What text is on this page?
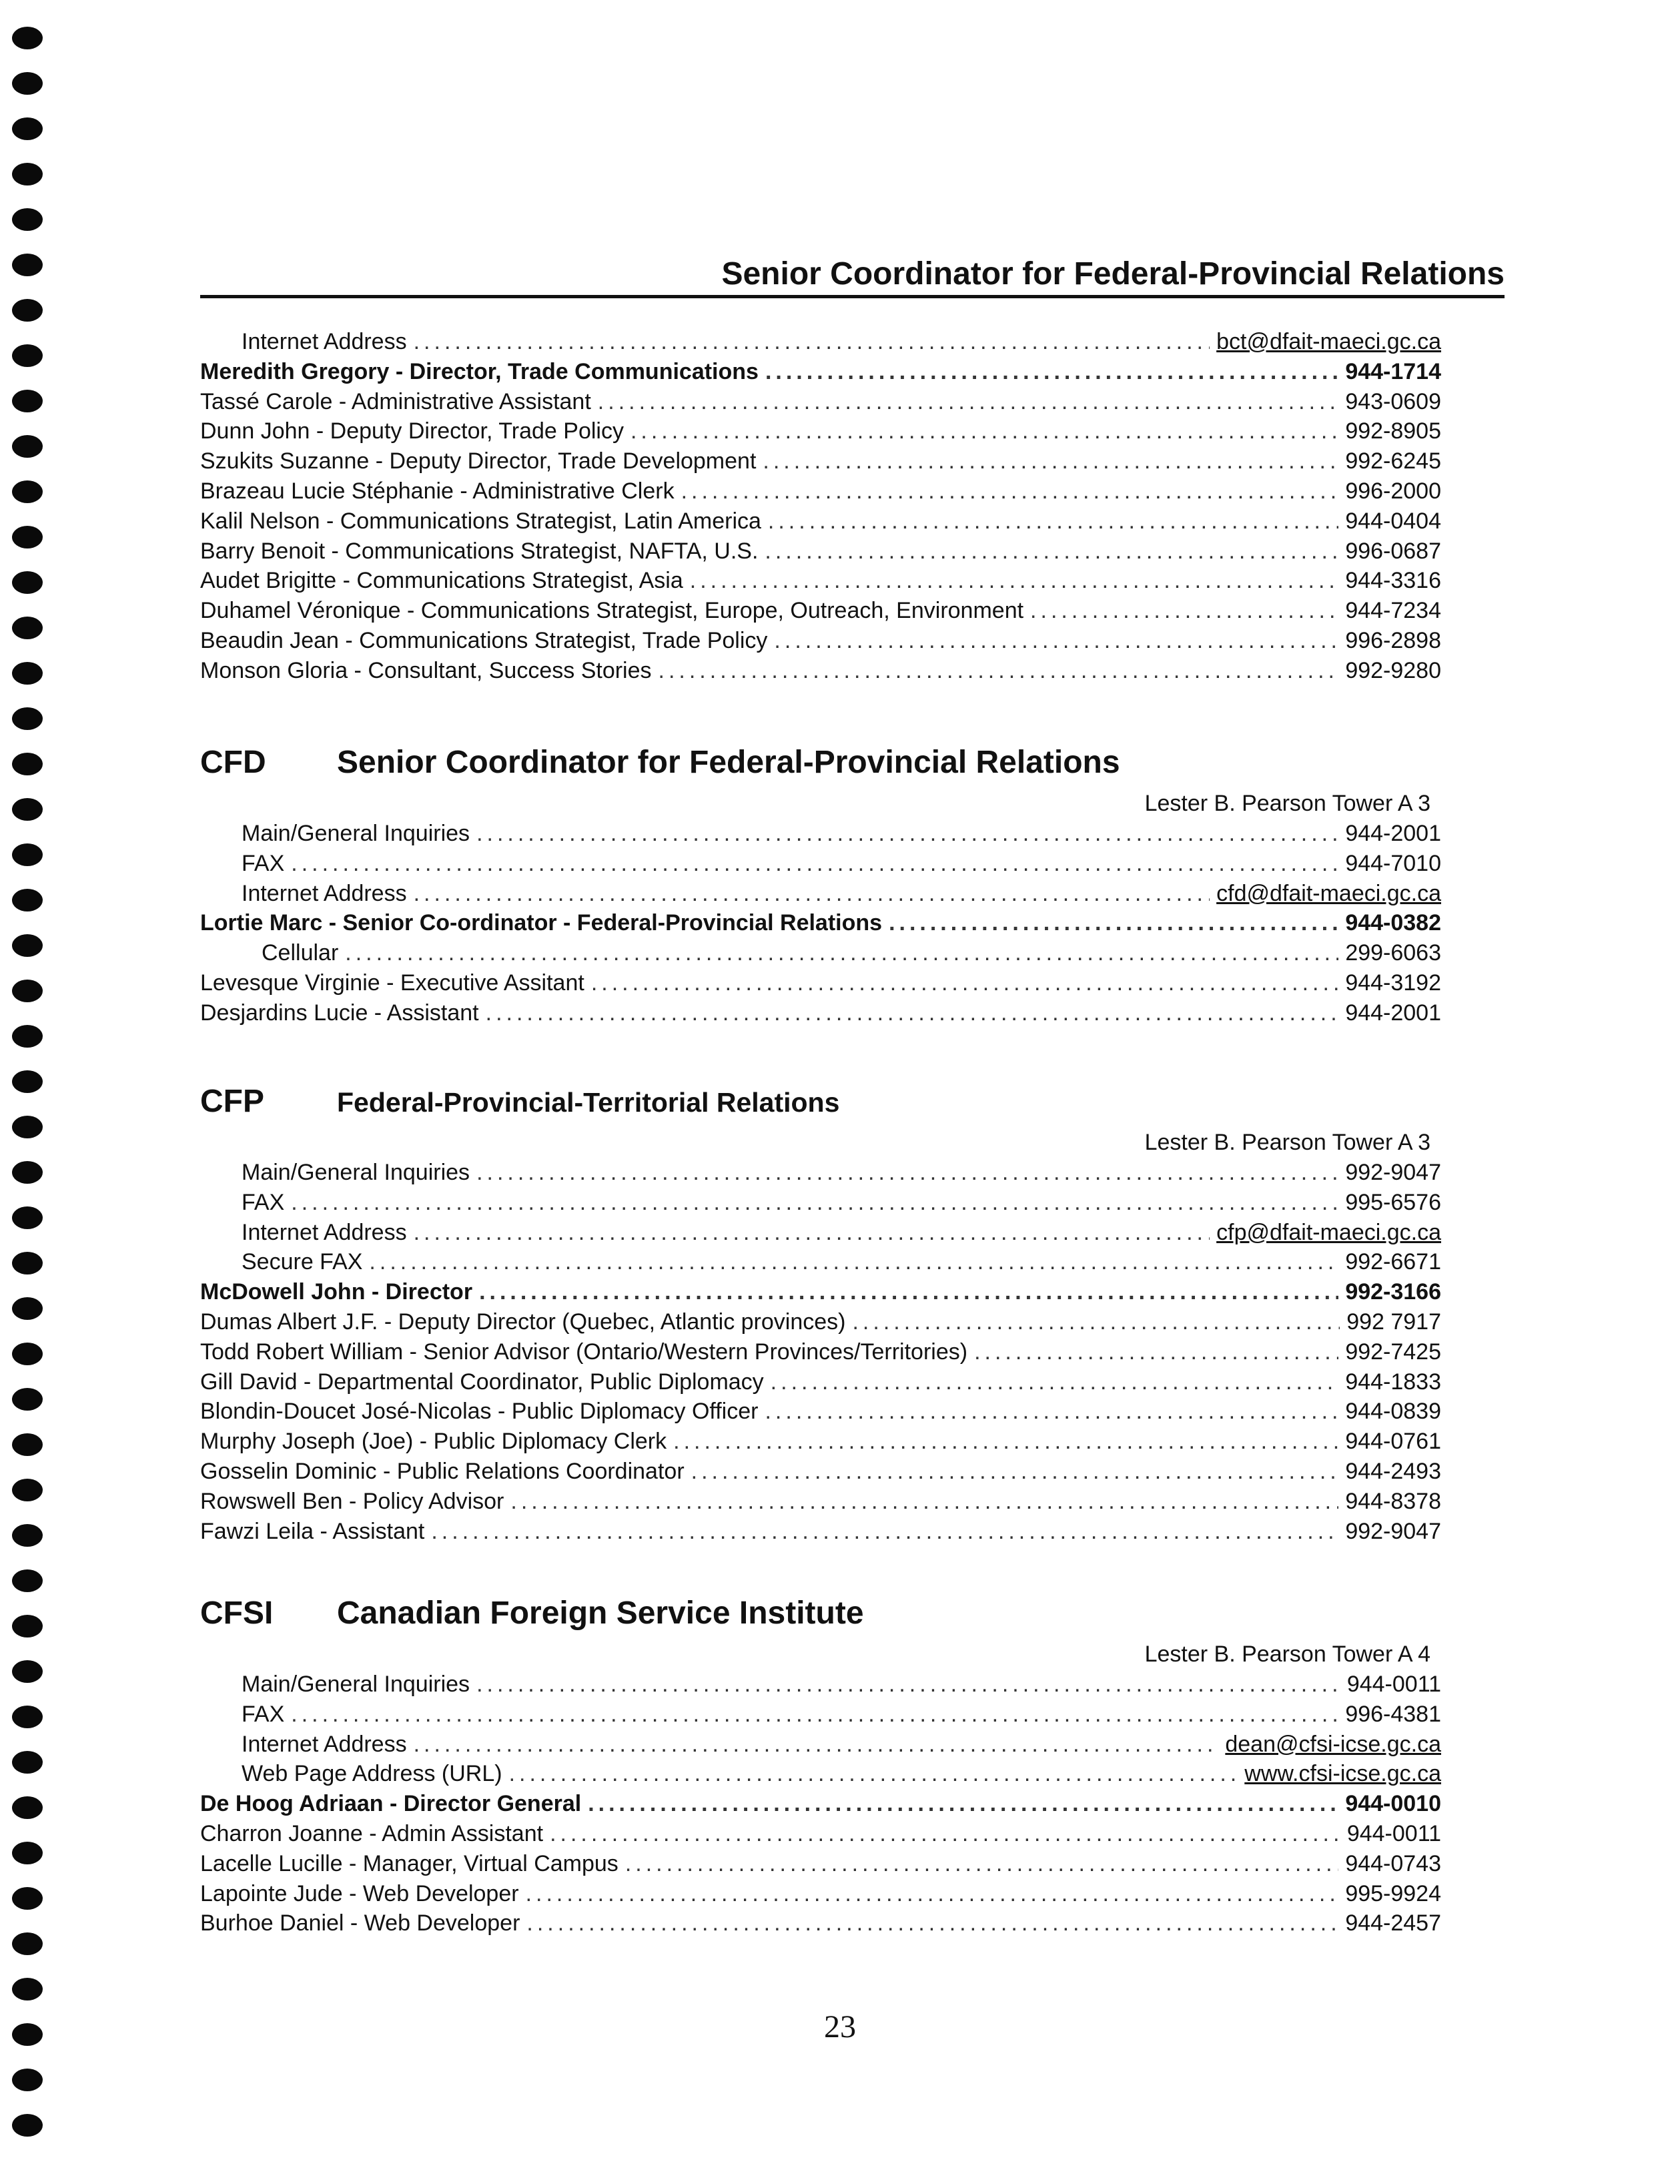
Senior Coordinator for Federal-Provincial Relations
Internet Address .....	bct@dfait-maeci.gc.ca
Meredith Gregory - Director, Trade Communications .....	944-1714
Tassé Carole - Administrative Assistant .....	943-0609
Dunn John - Deputy Director, Trade Policy .....	992-8905
Szukits Suzanne - Deputy Director, Trade Development .....	992-6245
Brazeau Lucie Stéphanie - Administrative Clerk .....	996-2000
Kalil Nelson - Communications Strategist, Latin America .....	944-0404
Barry Benoit - Communications Strategist, NAFTA, U.S. .....	996-0687
Audet Brigitte - Communications Strategist, Asia .....	944-3316
Duhamel Véronique - Communications Strategist, Europe, Outreach, Environment .....	944-7234
Beaudin Jean - Communications Strategist, Trade Policy .....	996-2898
Monson Gloria - Consultant, Success Stories .....	992-9280
CFD Senior Coordinator for Federal-Provincial Relations
Lester B. Pearson Tower A 3
Main/General Inquiries .....	944-2001
FAX .....	944-7010
Internet Address .....	cfd@dfait-maeci.gc.ca
Lortie Marc - Senior Co-ordinator - Federal-Provincial Relations .....	944-0382
Cellular .....	299-6063
Levesque Virginie - Executive Assitant .....	944-3192
Desjardins Lucie - Assistant .....	944-2001
CFP	Federal-Provincial-Territorial Relations
Lester B. Pearson Tower A 3
Main/General Inquiries .....	992-9047
FAX .....	995-6576
Internet Address .....	cfp@dfait-maeci.gc.ca
Secure FAX .....	992-6671
McDowell John - Director .....	992-3166
Dumas Albert J.F. - Deputy Director (Quebec, Atlantic provinces) .....	992 7917
Todd Robert William - Senior Advisor (Ontario/Western Provinces/Territories) .....	992-7425
Gill David - Departmental Coordinator, Public Diplomacy .....	944-1833
Blondin-Doucet José-Nicolas - Public Diplomacy Officer .....	944-0839
Murphy Joseph (Joe) - Public Diplomacy Clerk .....	944-0761
Gosselin Dominic - Public Relations Coordinator .....	944-2493
Rowswell Ben - Policy Advisor .....	944-8378
Fawzi Leila - Assistant .....	992-9047
CFSI Canadian Foreign Service Institute
Lester B. Pearson Tower A 4
Main/General Inquiries .....	944-0011
FAX .....	996-4381
Internet Address .....	dean@cfsi-icse.gc.ca
Web Page Address (URL) .....	www.cfsi-icse.gc.ca
De Hoog Adriaan - Director General .....	944-0010
Charron Joanne - Admin Assistant .....	944-0011
Lacelle Lucille - Manager, Virtual Campus .....	944-0743
Lapointe Jude - Web Developer .....	995-9924
Burhoe Daniel - Web Developer .....	944-2457
23
